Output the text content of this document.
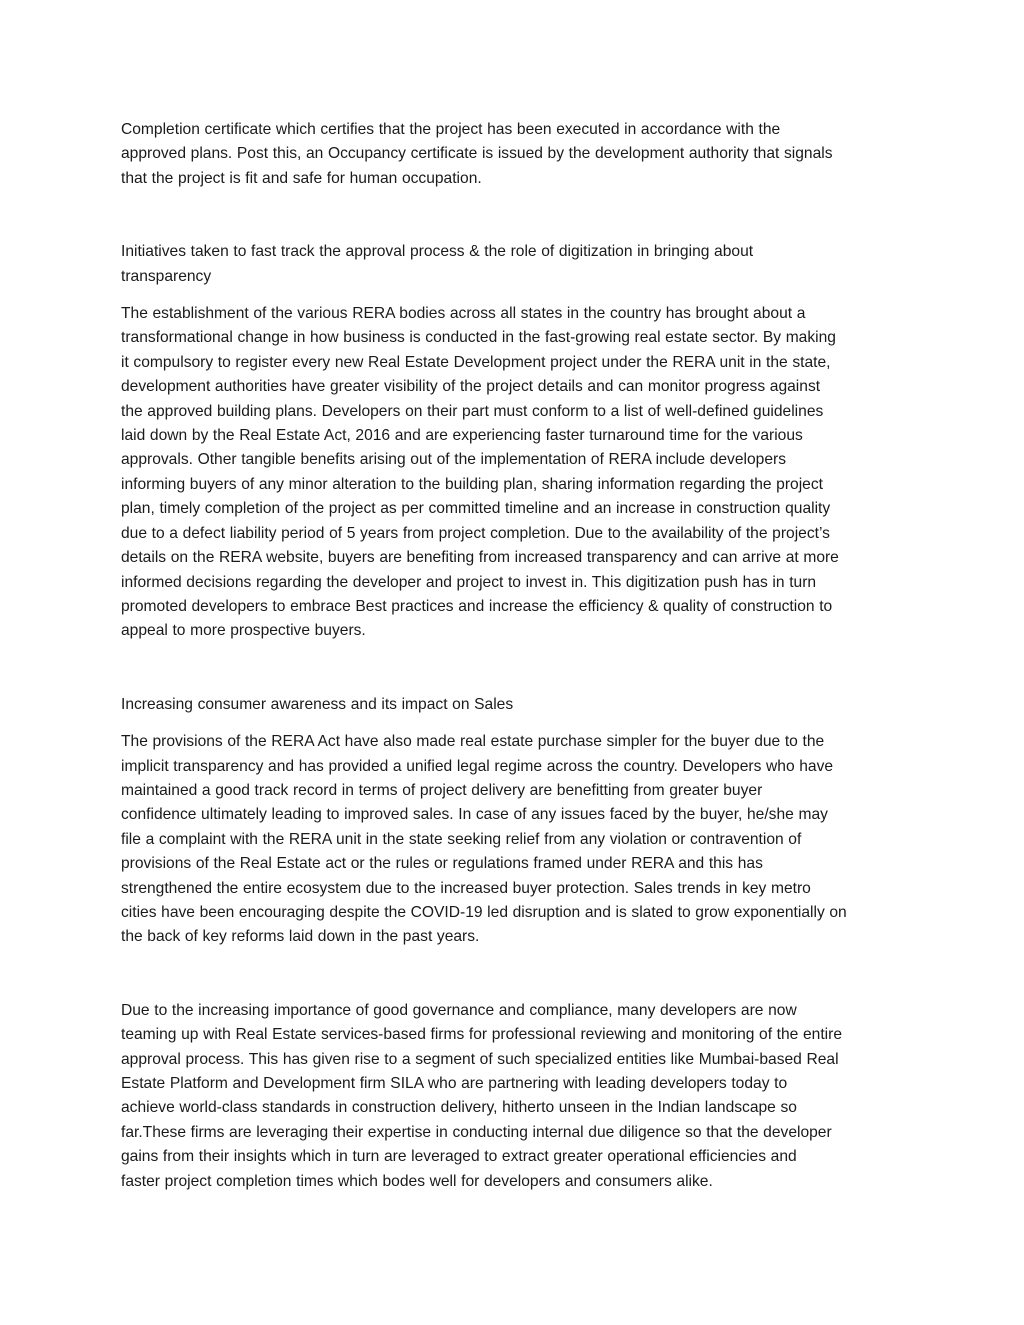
Completion certificate which certifies that the project has been executed in accordance with the
approved plans. Post this, an Occupancy certificate is issued by the development authority that signals
that the project is fit and safe for human occupation.

Initiatives taken to fast track the approval process & the role of digitization in bringing about
transparency

The establishment of the various RERA bodies across all states in the country has brought about a
transformational change in how business is conducted in the fast-growing real estate sector. By making
it compulsory to register every new Real Estate Development project under the RERA unit in the state,
development authorities have greater visibility of the project details and can monitor progress against
the approved building plans. Developers on their part must conform to a list of well-defined guidelines
laid down by the Real Estate Act, 2016 and are experiencing faster turnaround time for the various
approvals. Other tangible benefits arising out of the implementation of RERA include developers
informing buyers of any minor alteration to the building plan, sharing information regarding the project
plan, timely completion of the project as per committed timeline and an increase in construction quality
due to a defect liability period of 5 years from project completion. Due to the availability of the project’s
details on the RERA website, buyers are benefiting from increased transparency and can arrive at more
informed decisions regarding the developer and project to invest in. This digitization push has in turn
promoted developers to embrace Best practices and increase the efficiency & quality of construction to
appeal to more prospective buyers.

Increasing consumer awareness and its impact on Sales

The provisions of the RERA Act have also made real estate purchase simpler for the buyer due to the
implicit transparency and has provided a unified legal regime across the country. Developers who have
maintained a good track record in terms of project delivery are benefitting from greater buyer
confidence ultimately leading to improved sales. In case of any issues faced by the buyer, he/she may
file a complaint with the RERA unit in the state seeking relief from any violation or contravention of
provisions of the Real Estate act or the rules or regulations framed under RERA and this has
strengthened the entire ecosystem due to the increased buyer protection. Sales trends in key metro
cities have been encouraging despite the COVID-19 led disruption and is slated to grow exponentially on
the back of key reforms laid down in the past years.

Due to the increasing importance of good governance and compliance, many developers are now
teaming up with Real Estate services-based firms for professional reviewing and monitoring of the entire
approval process. This has given rise to a segment of such specialized entities like Mumbai-based Real
Estate Platform and Development firm SILA who are partnering with leading developers today to
achieve world-class standards in construction delivery, hitherto unseen in the Indian landscape so
far.These firms are leveraging their expertise in conducting internal due diligence so that the developer
gains from their insights which in turn are leveraged to extract greater operational efficiencies and
faster project completion times which bodes well for developers and consumers alike.
